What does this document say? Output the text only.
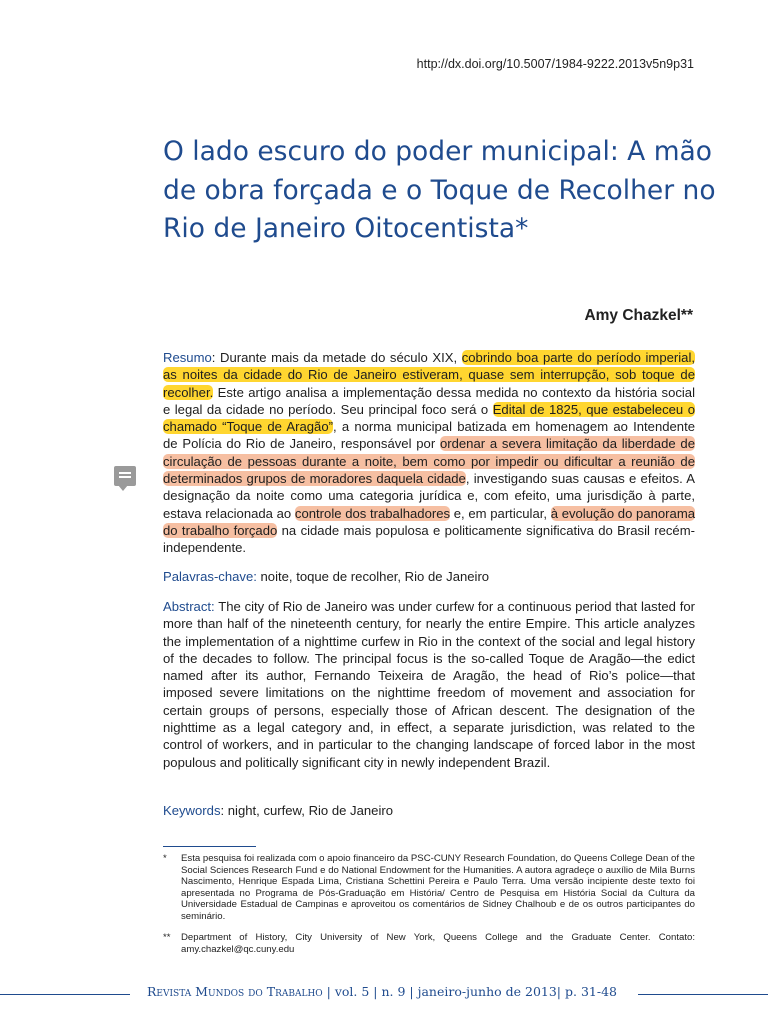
http://dx.doi.org/10.5007/1984-9222.2013v5n9p31
O lado escuro do poder municipal: A mão de obra forçada e o Toque de Recolher no Rio de Janeiro Oitocentista*
Amy Chazkel**

Resumo: Durante mais da metade do século XIX, cobrindo boa parte do período imperial, as noites da cidade do Rio de Janeiro estiveram, quase sem interrupção, sob toque de recolher. Este artigo analisa a implementação dessa medida no contexto da história social e legal da cidade no período. Seu principal foco será o Edital de 1825, que estabeleceu o chamado “Toque de Aragão”, a norma municipal batizada em homenagem ao Intendente de Polícia do Rio de Janeiro, responsável por ordenar a severa limitação da liberdade de circulação de pessoas durante a noite, bem como por impedir ou dificultar a reunião de determinados grupos de moradores daquela cidade, investigando suas causas e efeitos. A designação da noite como uma categoria jurídica e, com efeito, uma jurisdição à parte, estava relacionada ao controle dos trabalhadores e, em particular, à evolução do panorama do trabalho forçado na cidade mais populosa e politicamente significativa do Brasil recém-independente.

Palavras-chave: noite, toque de recolher, Rio de Janeiro

Abstract: The city of Rio de Janeiro was under curfew for a continuous period that lasted for more than half of the nineteenth century, for nearly the entire Empire. This article analyzes the implementation of a nighttime curfew in Rio in the context of the social and legal history of the decades to follow. The principal focus is the so-called Toque de Aragão—the edict named after its author, Fernando Teixeira de Aragão, the head of Rio’s police—that imposed severe limitations on the nighttime freedom of movement and association for certain groups of persons, especially those of African descent. The designation of the nighttime as a legal category and, in effect, a separate jurisdiction, was related to the control of workers, and in particular to the changing landscape of forced labor in the most populous and politically significant city in newly independent Brazil.

Keywords: night, curfew, Rio de Janeiro

*	Esta pesquisa foi realizada com o apoio financeiro da PSC-CUNY Research Foundation, do Queens College Dean of the Social Sciences Research Fund e do National Endowment for the Humanities. A autora agradeçe o auxílio de Mila Burns Nascimento, Henrique Espada Lima, Cristiana Schettini Pereira e Paulo Terra. Uma versão incipiente deste texto foi apresentada no Programa de Pós-Graduação em História/ Centro de Pesquisa em História Social da Cultura da Universidade Estadual de Campinas e aproveitou os comentários de Sidney Chalhoub e de os outros participantes do seminário.
**	Department of History, City University of New York, Queens College and the Graduate Center. Contato: amy.chazkel@qc.cuny.edu
Revista Mundos do Trabalho | vol. 5 | n. 9 | janeiro-junho de 2013| p. 31-48
